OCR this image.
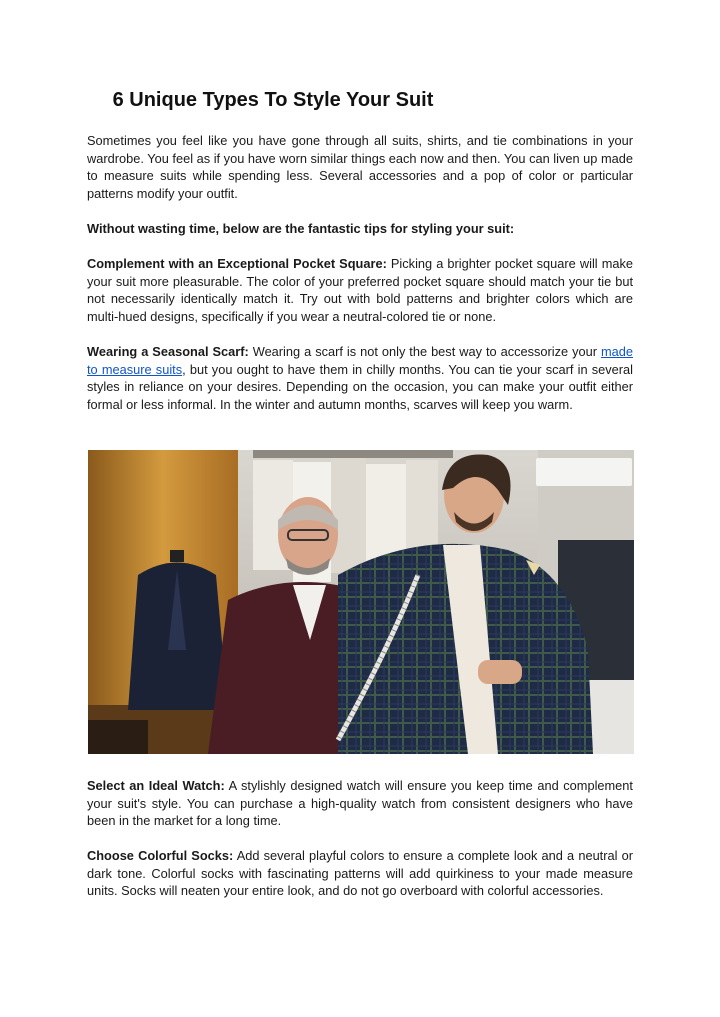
6 Unique Types To Style Your Suit

Sometimes you feel like you have gone through all suits, shirts, and tie combinations in your wardrobe. You feel as if you have worn similar things each now and then. You can liven up made to measure suits while spending less. Several accessories and a pop of color or particular patterns modify your outfit.

Without wasting time, below are the fantastic tips for styling your suit:

Complement with an Exceptional Pocket Square: Picking a brighter pocket square will make your suit more pleasurable. The color of your preferred pocket square should match your tie but not necessarily identically match it. Try out with bold patterns and brighter colors which are multi-hued designs, specifically if you wear a neutral-colored tie or none.

Wearing a Seasonal Scarf: Wearing a scarf is not only the best way to accessorize your made to measure suits, but you ought to have them in chilly months. You can tie your scarf in several styles in reliance on your desires. Depending on the occasion, you can make your outfit either formal or less informal. In the winter and autumn months, scarves will keep you warm.

Select an Ideal Watch: A stylishly designed watch will ensure you keep time and complement your suit's style. You can purchase a high-quality watch from consistent designers who have been in the market for a long time.

Choose Colorful Socks: Add several playful colors to ensure a complete look and a neutral or dark tone. Colorful socks with fascinating patterns will add quirkiness to your made measure units. Socks will neaten your entire look, and do not go overboard with colorful accessories.
